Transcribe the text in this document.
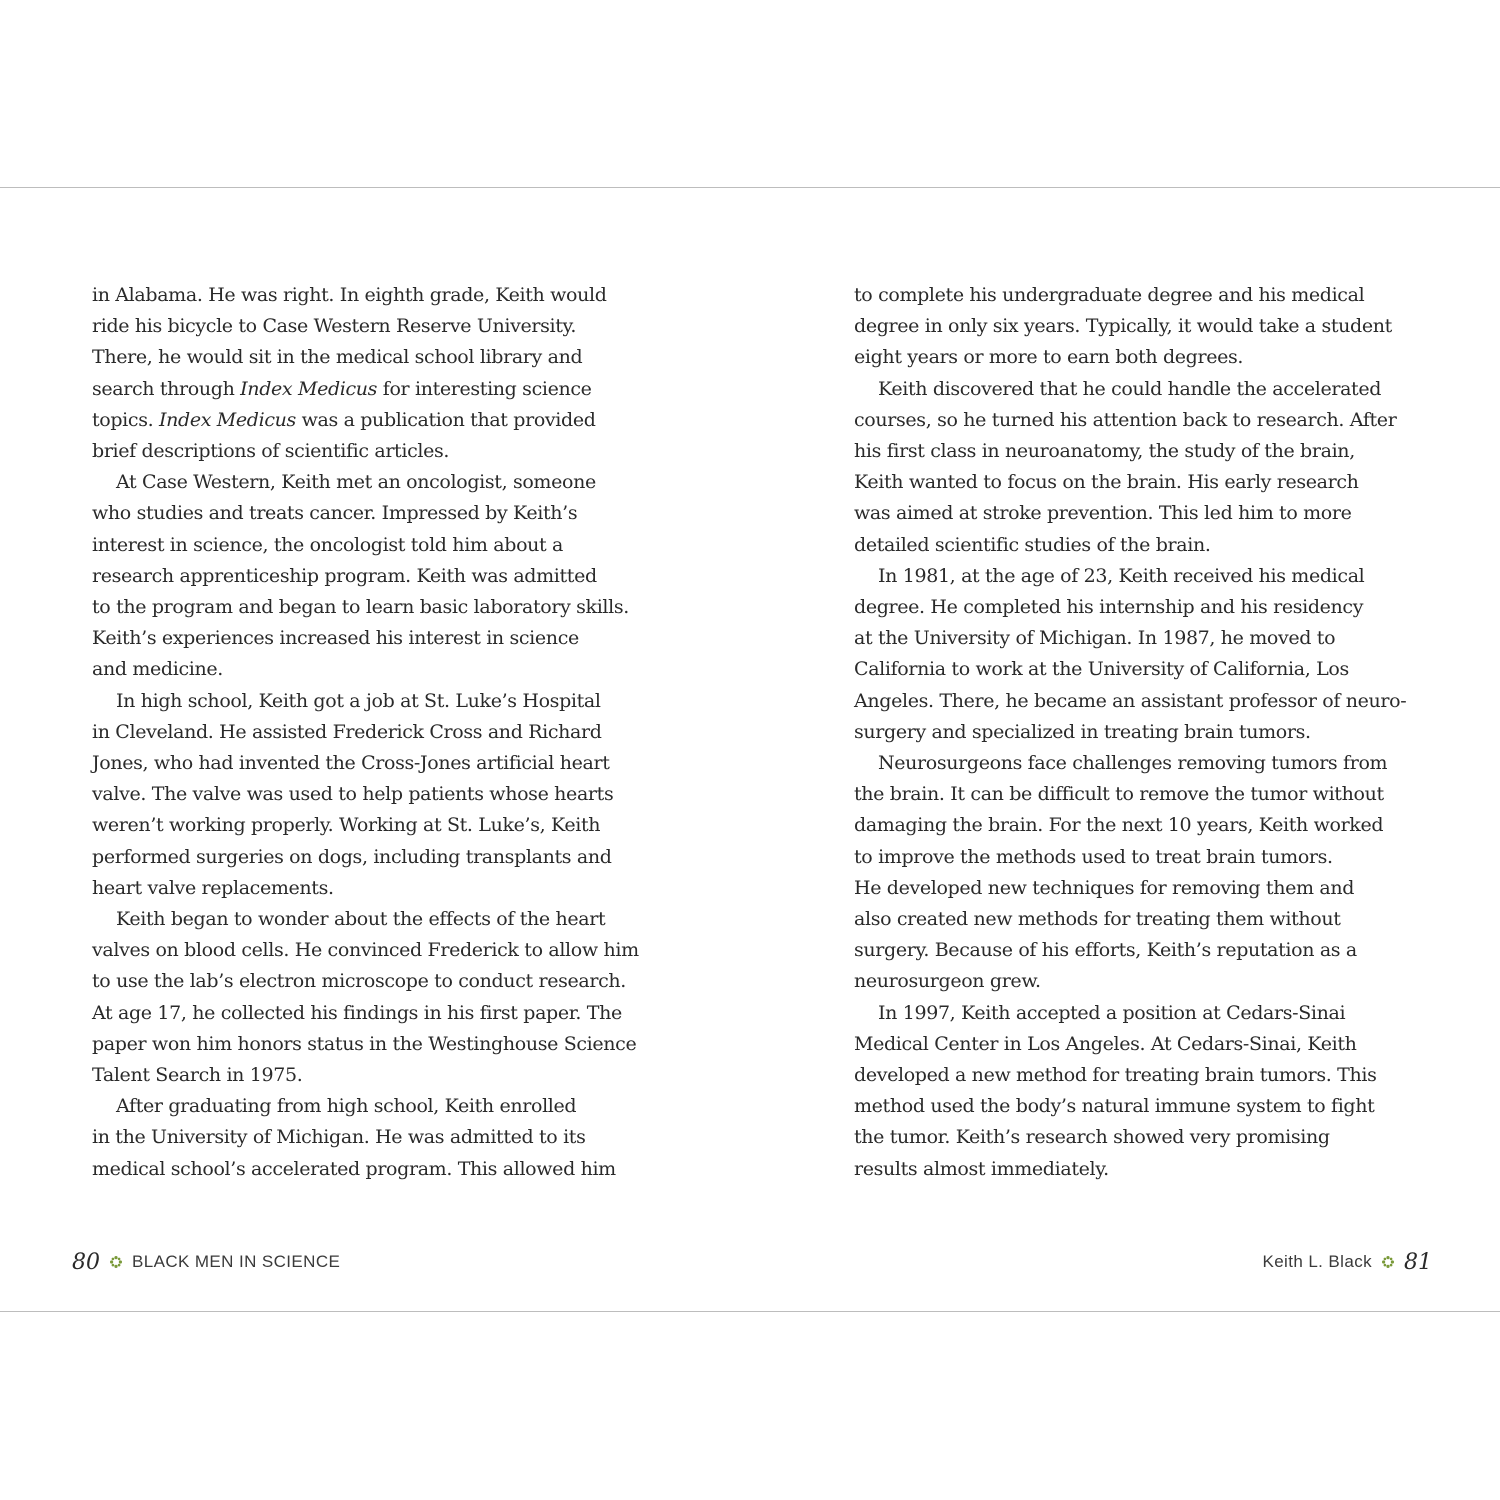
in Alabama. He was right. In eighth grade, Keith would
ride his bicycle to Case Western Reserve University.
There, he would sit in the medical school library and
search through Index Medicus for interesting science
topics. Index Medicus was a publication that provided
brief descriptions of scientific articles.

At Case Western, Keith met an oncologist, someone
who studies and treats cancer. Impressed by Keith’s
interest in science, the oncologist told him about a
research apprenticeship program. Keith was admitted
to the program and began to learn basic laboratory skills.
Keith’s experiences increased his interest in science
and medicine.

In high school, Keith got a job at St. Luke’s Hospital
in Cleveland. He assisted Frederick Cross and Richard
Jones, who had invented the Cross-Jones artificial heart
valve. The valve was used to help patients whose hearts
weren’t working properly. Working at St. Luke’s, Keith
performed surgeries on dogs, including transplants and
heart valve replacements.

Keith began to wonder about the effects of the heart
valves on blood cells. He convinced Frederick to allow him
to use the lab’s electron microscope to conduct research.
At age 17, he collected his findings in his first paper. The
paper won him honors status in the Westinghouse Science
Talent Search in 1975.

After graduating from high school, Keith enrolled
in the University of Michigan. He was admitted to its
medical school’s accelerated program. This allowed him

to complete his undergraduate degree and his medical
degree in only six years. Typically, it would take a student
eight years or more to earn both degrees.

Keith discovered that he could handle the accelerated
courses, so he turned his attention back to research. After
his first class in neuroanatomy, the study of the brain,
Keith wanted to focus on the brain. His early research
was aimed at stroke prevention. This led him to more
detailed scientific studies of the brain.

In 1981, at the age of 23, Keith received his medical
degree. He completed his internship and his residency
at the University of Michigan. In 1987, he moved to
California to work at the University of California, Los
Angeles. There, he became an assistant professor of neuro-
surgery and specialized in treating brain tumors.

Neurosurgeons face challenges removing tumors from
the brain. It can be difficult to remove the tumor without
damaging the brain. For the next 10 years, Keith worked
to improve the methods used to treat brain tumors.
He developed new techniques for removing them and
also created new methods for treating them without
surgery. Because of his efforts, Keith’s reputation as a
neurosurgeon grew.

In 1997, Keith accepted a position at Cedars-Sinai
Medical Center in Los Angeles. At Cedars-Sinai, Keith
developed a new method for treating brain tumors. This
method used the body’s natural immune system to fight
the tumor. Keith’s research showed very promising
results almost immediately.

80 BLACK MEN IN SCIENCE	Keith L. Black 81
